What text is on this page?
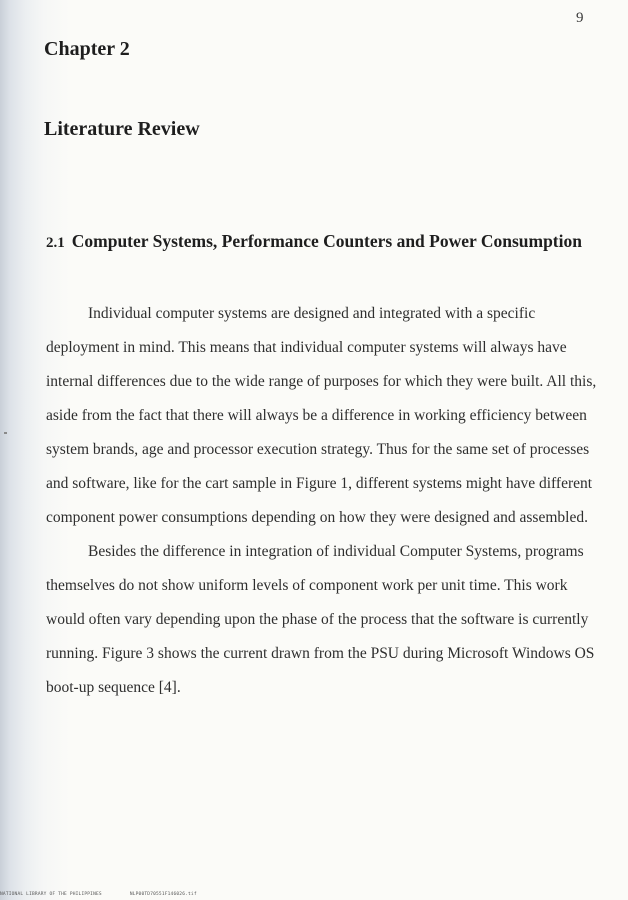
9
Chapter 2
Literature Review
2.1 Computer Systems, Performance Counters and Power Consumption
Individual computer systems are designed and integrated with a specific
deployment in mind. This means that individual computer systems will always have
internal differences due to the wide range of purposes for which they were built. All this,
aside from the fact that there will always be a difference in working efficiency between
system brands, age and processor execution strategy. Thus for the same set of processes
and software, like for the cart sample in Figure 1, different systems might have different
component power consumptions depending on how they were designed and assembled.
Besides the difference in integration of individual Computer Systems, programs
themselves do not show uniform levels of component work per unit time. This work
would often vary depending upon the phase of the process that the software is currently
running. Figure 3 shows the current drawn from the PSU during Microsoft Windows OS
boot-up sequence [4].
NATIONAL LIBRARY OF THE PHILIPPINES	NLP00TD70551F146026.tif
